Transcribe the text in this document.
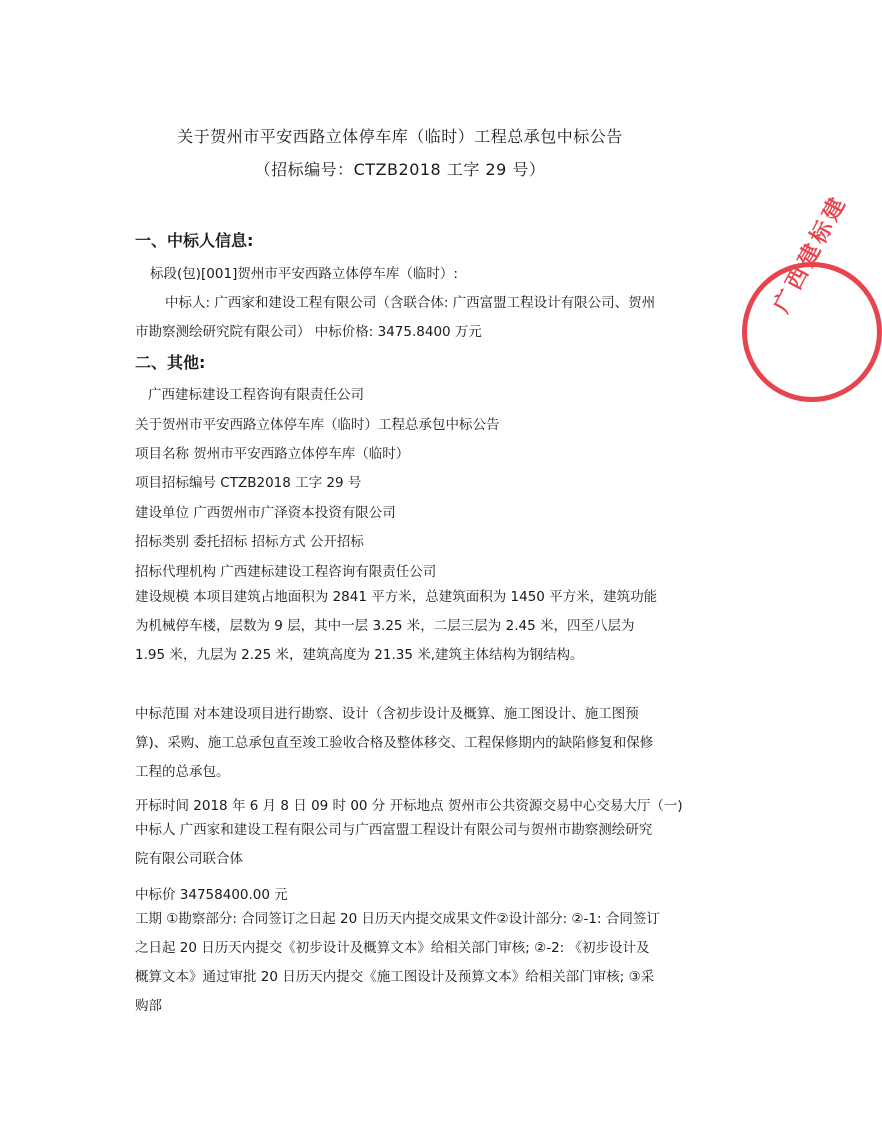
关于贺州市平安西路立体停车库（临时）工程总承包中标公告
（招标编号：CTZB2018 工字 29 号）
一、中标人信息:
标段(包)[001]贺州市平安西路立体停车库（临时）:
中标人: 广西家和建设工程有限公司（含联合体: 广西富盟工程设计有限公司、贺州
市勘察测绘研究院有限公司） 中标价格: 3475.8400 万元
二、其他:
广西建标建设工程咨询有限责任公司
关于贺州市平安西路立体停车库（临时）工程总承包中标公告
项目名称 贺州市平安西路立体停车库（临时）
项目招标编号 CTZB2018 工字 29 号
建设单位 广西贺州市广泽资本投资有限公司
招标类别 委托招标 招标方式 公开招标
招标代理机构 广西建标建设工程咨询有限责任公司
建设规模 本项目建筑占地面积为 2841 平方米，总建筑面积为 1450 平方米，建筑功能为机械停车楼，层数为 9 层，其中一层 3.25 米，二层三层为 2.45 米，四至八层为 1.95 米，九层为 2.25 米，建筑高度为 21.35 米,建筑主体结构为钢结构。
中标范围 对本建设项目进行勘察、设计（含初步设计及概算、施工图设计、施工图预算)、采购、施工总承包直至竣工验收合格及整体移交、工程保修期内的缺陷修复和保修工程的总承包。
开标时间 2018 年 6 月 8 日 09 时 00 分 开标地点 贺州市公共资源交易中心交易大厅（一)
中标人 广西家和建设工程有限公司与广西富盟工程设计有限公司与贺州市勘察测绘研究院有限公司联合体
中标价 34758400.00 元
工期 ①勘察部分: 合同签订之日起 20 日历天内提交成果文件②设计部分: ②-1: 合同签订之日起 20 日历天内提交《初步设计及概算文本》给相关部门审核; ②-2: 《初步设计及概算文本》通过审批 20 日历天内提交《施工图设计及预算文本》给相关部门审核; ③采购部
广西建标建
